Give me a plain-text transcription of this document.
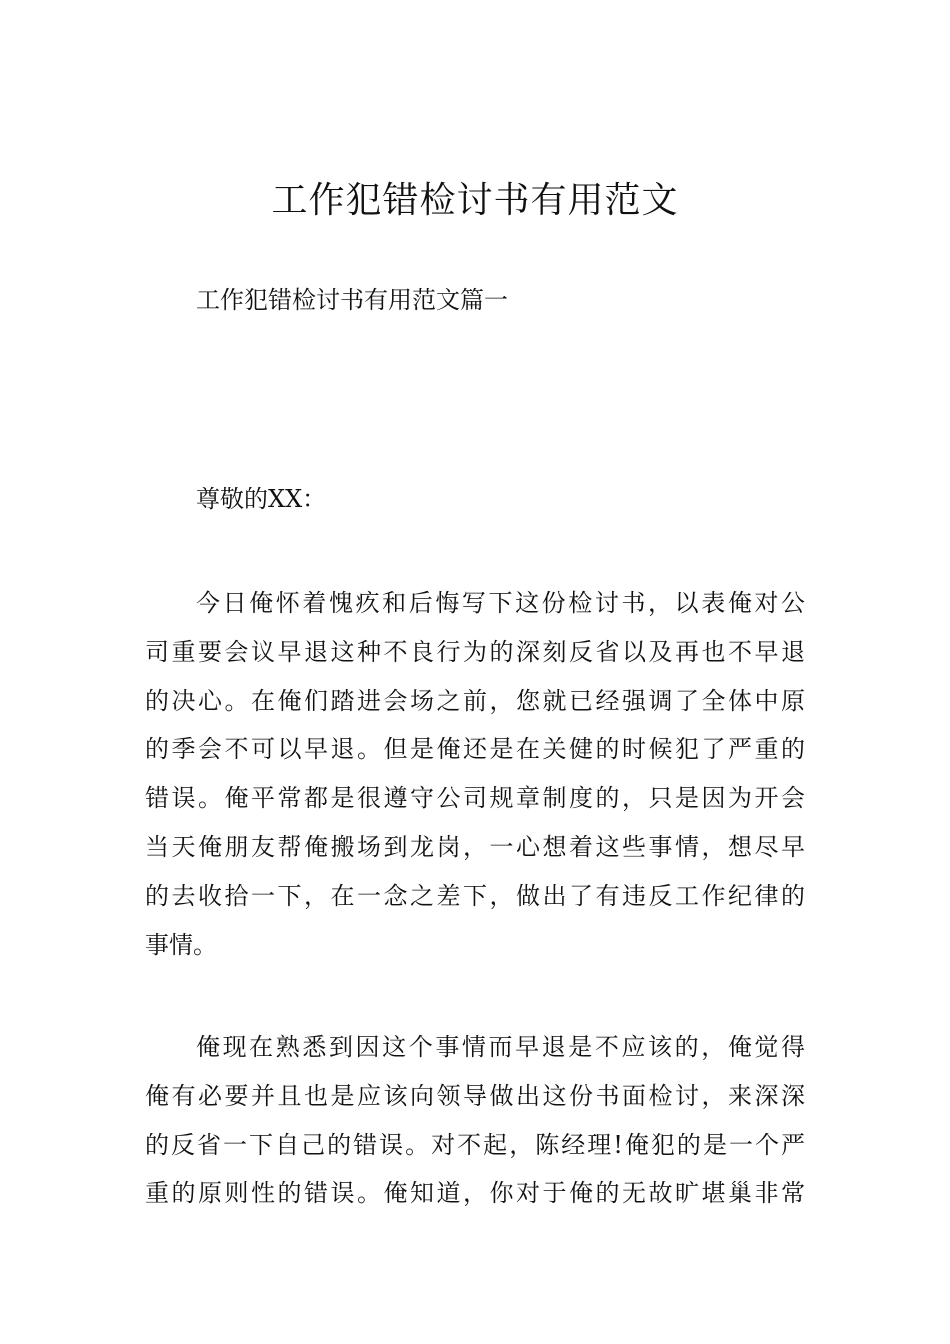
工作犯错检讨书有用范文

工作犯错检讨书有用范文篇一

尊敬的XX：

今日俺怀着愧疚和后悔写下这份检讨书，以表俺对公
司重要会议早退这种不良行为的深刻反省以及再也不早退
的决心。在俺们踏进会场之前，您就已经强调了全体中原
的季会不可以早退。但是俺还是在关健的时候犯了严重的
错误。俺平常都是很遵守公司规章制度的，只是因为开会
当天俺朋友帮俺搬场到龙岗，一心想着这些事情，想尽早
的去收拾一下，在一念之差下，做出了有违反工作纪律的
事情。
俺现在熟悉到因这个事情而早退是不应该的，俺觉得
俺有必要并且也是应该向领导做出这份书面检讨，来深深
的反省一下自己的错误。对不起，陈经理!俺犯的是一个严
重的原则性的错误。俺知道，你对于俺的无故旷堪巢非常
